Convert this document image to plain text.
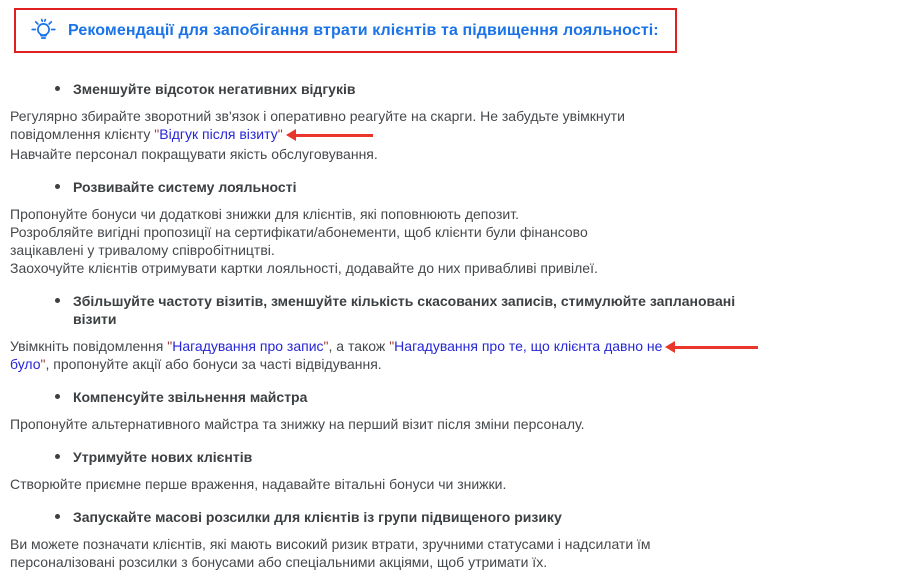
Рекомендації для запобігання втрати клієнтів та підвищення лояльності:
Зменшуйте відсоток негативних відгуків
Регулярно збирайте зворотний зв'язок і оперативно реагуйте на скарги. Не забудьте увімкнути
повідомлення клієнту "Відгук після візиту"
Навчайте персонал покращувати якість обслуговування.
Розвивайте систему лояльності
Пропонуйте бонуси чи додаткові знижки для клієнтів, які поповнюють депозит.
Розробляйте вигідні пропозиції на сертифікати/абонементи, щоб клієнти були фінансово
зацікавлені у тривалому співробітництві.
Заохочуйте клієнтів отримувати картки лояльності, додавайте до них привабливі привілеї.
Збільшуйте частоту візитів, зменшуйте кількість скасованих записів, стимулюйте заплановані
візити
Увімкніть повідомлення "Нагадування про запис", а також "Нагадування про те, що клієнта давно не
було", пропонуйте акції або бонуси за часті відвідування.
Компенсуйте звільнення майстра
Пропонуйте альтернативного майстра та знижку на перший візит після зміни персоналу.
Утримуйте нових клієнтів
Створюйте приємне перше враження, надавайте вітальні бонуси чи знижки.
Запускайте масові розсилки для клієнтів із групи підвищеного ризику
Ви можете позначати клієнтів, які мають високий ризик втрати, зручними статусами і надсилати їм
персоналізовані розсилки з бонусами або спеціальними акціями, щоб утримати їх.
